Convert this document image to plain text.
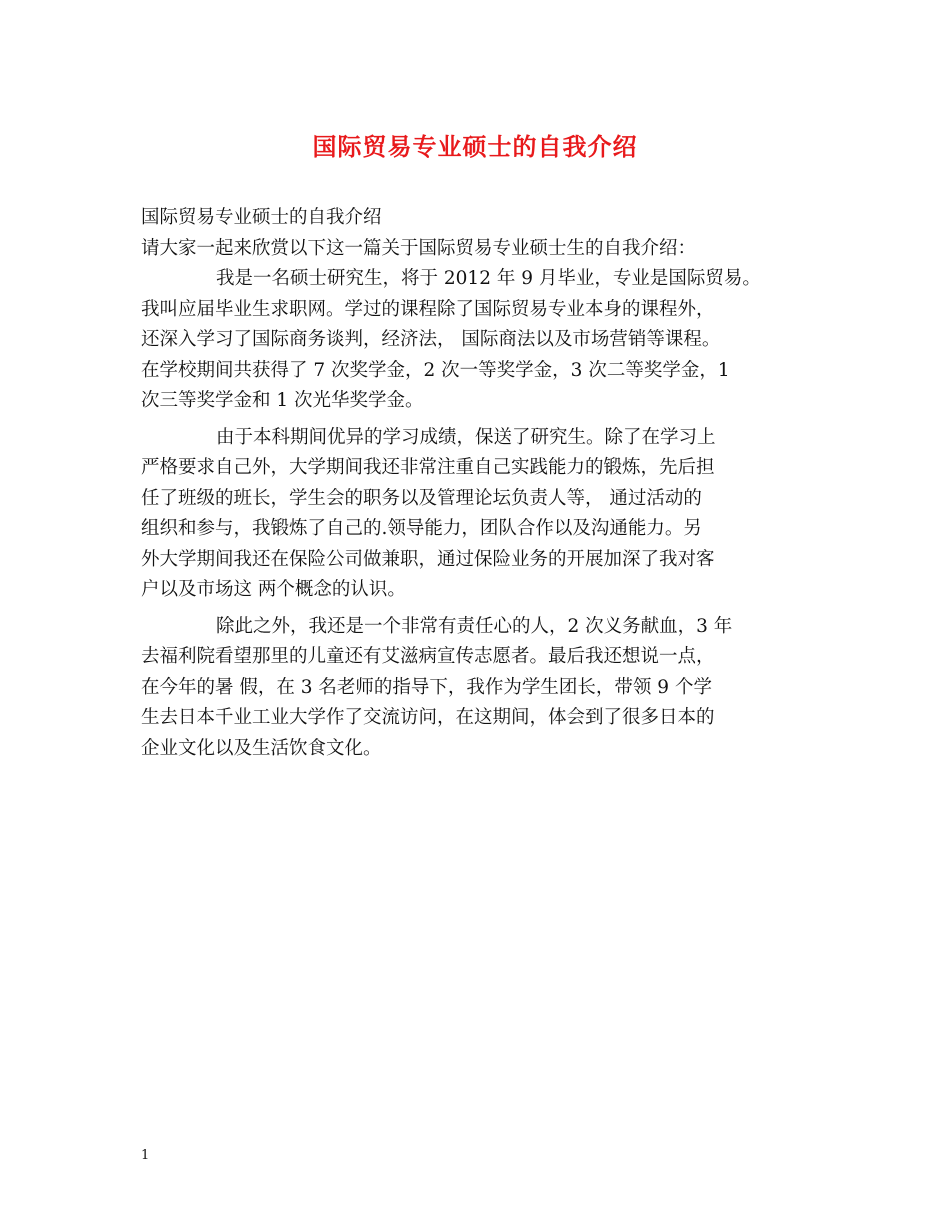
国际贸易专业硕士的自我介绍
国际贸易专业硕士的自我介绍
请大家一起来欣赏以下这一篇关于国际贸易专业硕士生的自我介绍：
我是一名硕士研究生，将于 2012 年 9 月毕业，专业是国际贸易。
我叫应届毕业生求职网。学过的课程除了国际贸易专业本身的课程外，
还深入学习了国际商务谈判，经济法， 国际商法以及市场营销等课程。
在学校期间共获得了 7 次奖学金，2 次一等奖学金，3 次二等奖学金，1
次三等奖学金和 1 次光华奖学金。
由于本科期间优异的学习成绩，保送了研究生。除了在学习上
严格要求自己外，大学期间我还非常注重自己实践能力的锻炼，先后担
任了班级的班长，学生会的职务以及管理论坛负责人等， 通过活动的
组织和参与，我锻炼了自己的.领导能力，团队合作以及沟通能力。另
外大学期间我还在保险公司做兼职，通过保险业务的开展加深了我对客
户以及市场这 两个概念的认识。
除此之外，我还是一个非常有责任心的人，2 次义务献血，3 年
去福利院看望那里的儿童还有艾滋病宣传志愿者。最后我还想说一点，
在今年的暑 假，在 3 名老师的指导下，我作为学生团长，带领 9 个学
生去日本千业工业大学作了交流访问，在这期间，体会到了很多日本的
企业文化以及生活饮食文化。
1
